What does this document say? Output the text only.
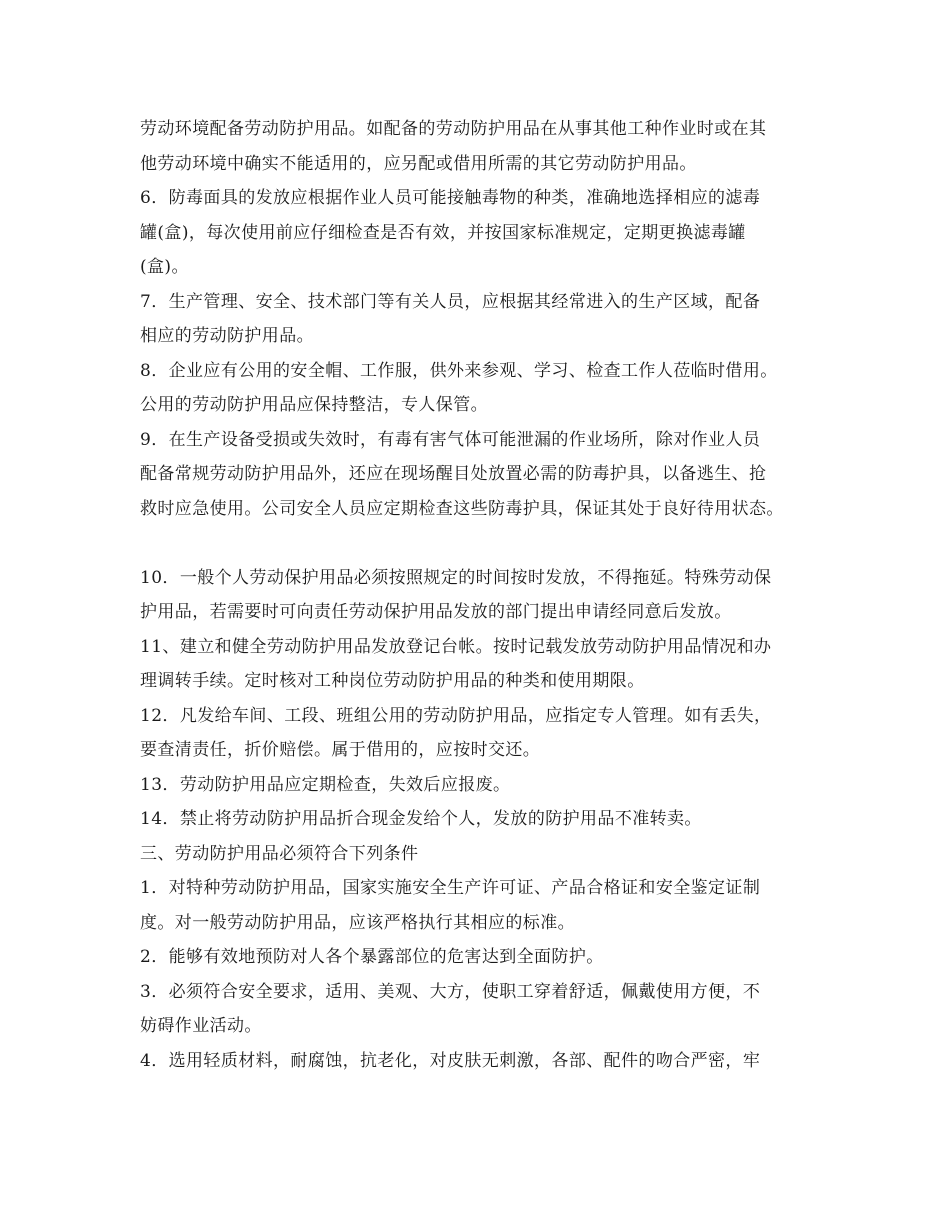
劳动环境配备劳动防护用品。如配备的劳动防护用品在从事其他工种作业时或在其
他劳动环境中确实不能适用的，应另配或借用所需的其它劳动防护用品。
6．防毒面具的发放应根据作业人员可能接触毒物的种类，准确地选择相应的滤毒
罐(盒)，每次使用前应仔细检查是否有效，并按国家标准规定，定期更换滤毒罐
(盒)。
7．生产管理、安全、技术部门等有关人员，应根据其经常进入的生产区域，配备
相应的劳动防护用品。
8．企业应有公用的安全帽、工作服，供外来参观、学习、检查工作人莅临时借用。
公用的劳动防护用品应保持整洁，专人保管。
9．在生产设备受损或失效时，有毒有害气体可能泄漏的作业场所，除对作业人员
配备常规劳动防护用品外，还应在现场醒目处放置必需的防毒护具，以备逃生、抢
救时应急使用。公司安全人员应定期检查这些防毒护具，保证其处于良好待用状态。
10．一般个人劳动保护用品必须按照规定的时间按时发放，不得拖延。特殊劳动保
护用品，若需要时可向责任劳动保护用品发放的部门提出申请经同意后发放。
11、建立和健全劳动防护用品发放登记台帐。按时记载发放劳动防护用品情况和办
理调转手续。定时核对工种岗位劳动防护用品的种类和使用期限。
12．凡发给车间、工段、班组公用的劳动防护用品，应指定专人管理。如有丢失，
要查清责任，折价赔偿。属于借用的，应按时交还。
13．劳动防护用品应定期检查，失效后应报废。
14．禁止将劳动防护用品折合现金发给个人，发放的防护用品不准转卖。
三、劳动防护用品必须符合下列条件
1．对特种劳动防护用品，国家实施安全生产许可证、产品合格证和安全鉴定证制
度。对一般劳动防护用品，应该严格执行其相应的标准。
2．能够有效地预防对人各个暴露部位的危害达到全面防护。
3．必须符合安全要求，适用、美观、大方，使职工穿着舒适，佩戴使用方便，不
妨碍作业活动。
4．选用轻质材料，耐腐蚀，抗老化，对皮肤无刺激，各部、配件的吻合严密，牢
